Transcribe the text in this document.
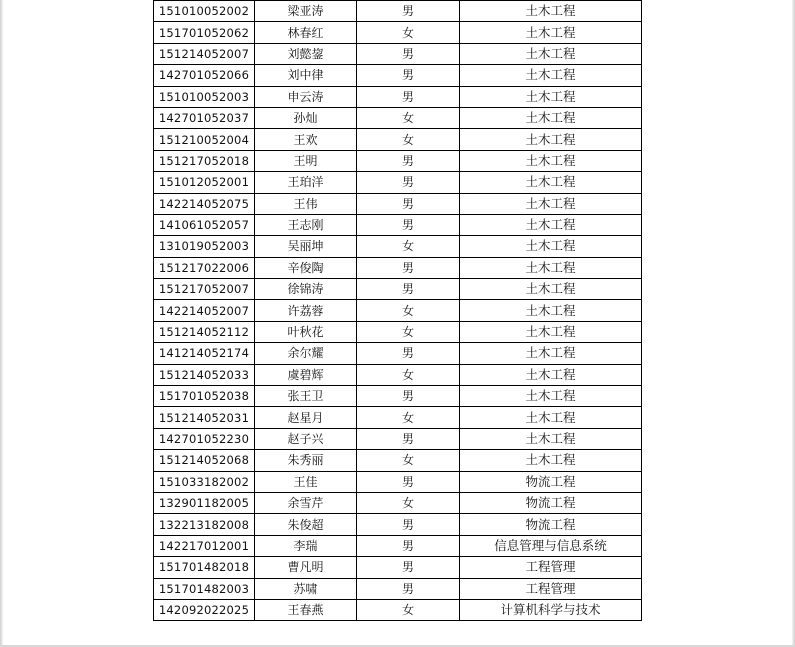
151010052002	梁亚涛	男	土木工程
151701052062	林春红	女	土木工程
151214052007	刘懿鋆	男	土木工程
142701052066	刘中律	男	土木工程
151010052003	申云涛	男	土木工程
142701052037	孙灿	女	土木工程
151210052004	王欢	女	土木工程
151217052018	王明	男	土木工程
151012052001	王珀洋	男	土木工程
142214052075	王伟	男	土木工程
141061052057	王志刚	男	土木工程
131019052003	吴丽坤	女	土木工程
151217022006	辛俊陶	男	土木工程
151217052007	徐锦涛	男	土木工程
142214052007	许荔蓉	女	土木工程
151214052112	叶秋花	女	土木工程
141214052174	余尔耀	男	土木工程
151214052033	虞碧辉	女	土木工程
151701052038	张王卫	男	土木工程
151214052031	赵星月	女	土木工程
142701052230	赵子兴	男	土木工程
151214052068	朱秀丽	女	土木工程
151033182002	王佳	男	物流工程
132901182005	余雪芹	女	物流工程
132213182008	朱俊超	男	物流工程
142217012001	李瑞	男	信息管理与信息系统
151701482018	曹凡明	男	工程管理
151701482003	苏啸	男	工程管理
142092022025	王春燕	女	计算机科学与技术
